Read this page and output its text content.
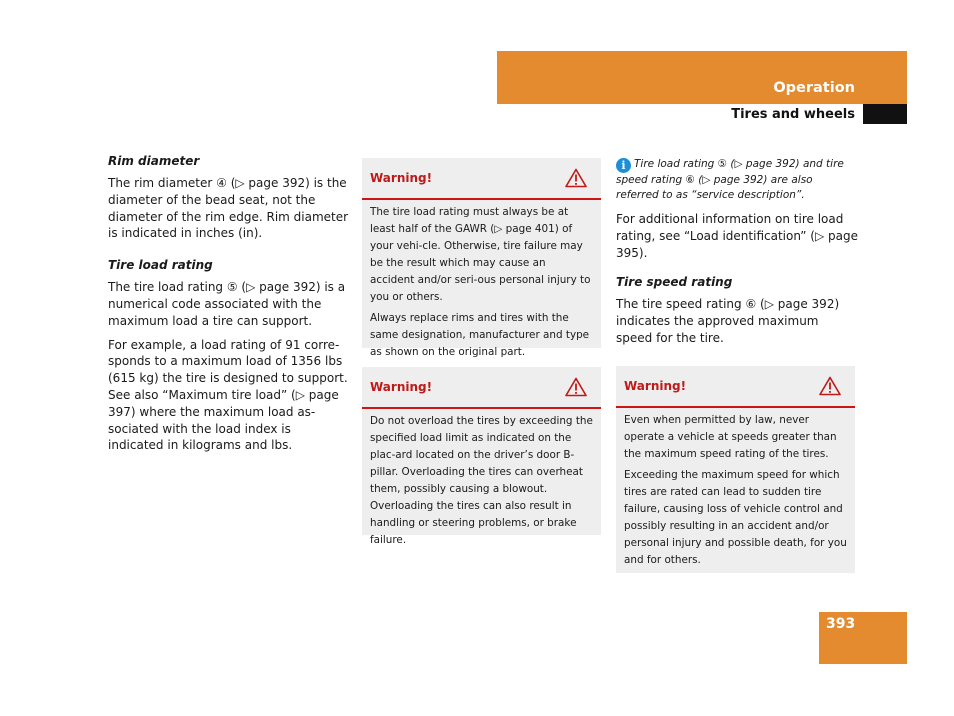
Operation
Tires and wheels

Rim diameter

The rim diameter ④ (▷ page 392) is the diameter of the bead seat, not the diameter of the rim edge. Rim diameter is indicated in inches (in).

Tire load rating

The tire load rating ⑤ (▷ page 392) is a numerical code associated with the maximum load a tire can support.

For example, a load rating of 91 corre-sponds to a maximum load of 1356 lbs (615 kg) the tire is designed to support. See also “Maximum tire load” (▷ page 397) where the maximum load as-sociated with the load index is indicated in kilograms and lbs.

Warning!

The tire load rating must always be at least half of the GAWR (▷ page 401) of your vehi-cle. Otherwise, tire failure may be the result which may cause an accident and/or seri-ous personal injury to you or others.

Always replace rims and tires with the same designation, manufacturer and type as shown on the original part.

Warning!

Do not overload the tires by exceeding the specified load limit as indicated on the plac-ard located on the driver’s door B-pillar. Overloading the tires can overheat them, possibly causing a blowout. Overloading the tires can also result in handling or steering problems, or brake failure.

i Tire load rating ⑤ (▷ page 392) and tire speed rating ⑥ (▷ page 392) are also referred to as “service description”.

For additional information on tire load rating, see “Load identification” (▷ page 395).

Tire speed rating

The tire speed rating ⑥ (▷ page 392) indicates the approved maximum speed for the tire.

Warning!

Even when permitted by law, never operate a vehicle at speeds greater than the maximum speed rating of the tires.

Exceeding the maximum speed for which tires are rated can lead to sudden tire failure, causing loss of vehicle control and possibly resulting in an accident and/or personal injury and possible death, for you and for others.

393
